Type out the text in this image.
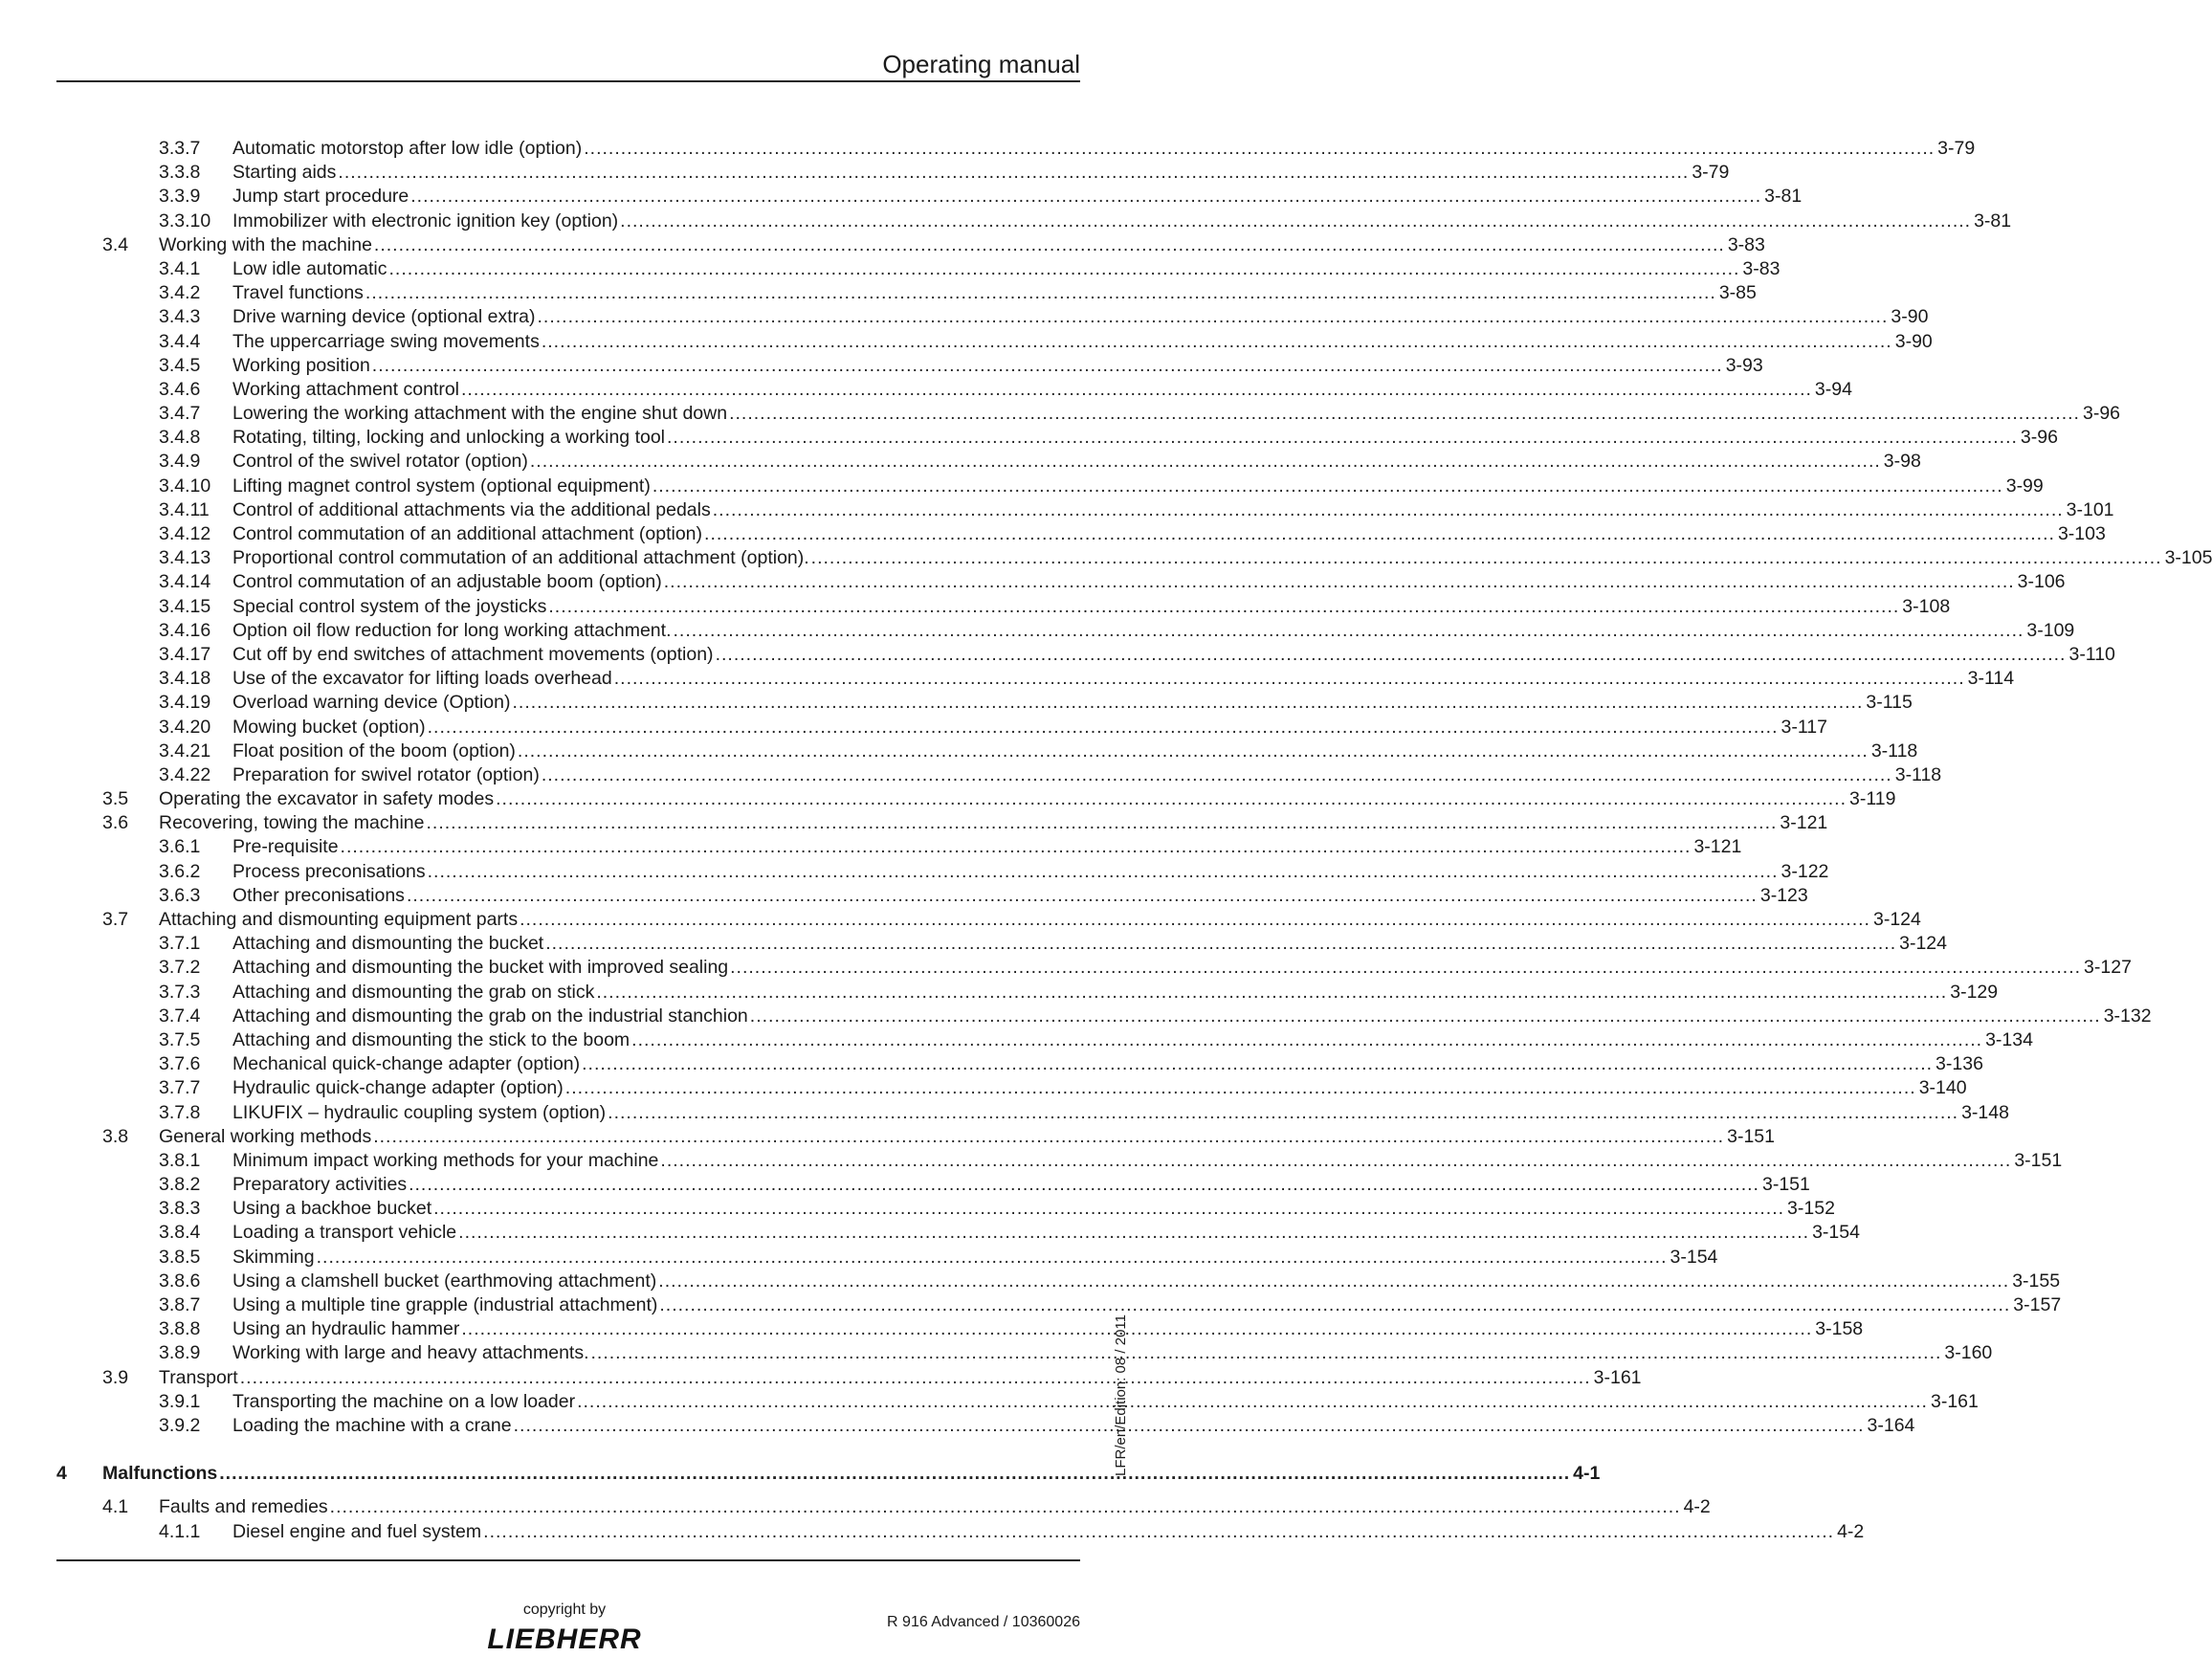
Operating manual
3.3.7 Automatic motorstop after low idle (option) ............................................................................................................................................................................................................................ 3-79
3.3.8 Starting aids ............................................................................................................................................................................................................................ 3-79
3.3.9 Jump start procedure ............................................................................................................................................................................................................................ 3-81
3.3.10 Immobilizer with electronic ignition key (option) ............................................................................................................................................................................................................................ 3-81
3.4 Working with the machine ............................................................................................................................................................................................................................ 3-83
3.4.1 Low idle automatic ............................................................................................................................................................................................................................ 3-83
3.4.2 Travel functions ............................................................................................................................................................................................................................ 3-85
3.4.3 Drive warning device (optional extra) ............................................................................................................................................................................................................................ 3-90
3.4.4 The uppercarriage swing movements ............................................................................................................................................................................................................................ 3-90
3.4.5 Working position ............................................................................................................................................................................................................................ 3-93
3.4.6 Working attachment control ............................................................................................................................................................................................................................ 3-94
3.4.7 Lowering the working attachment with the engine shut down ............................................................................................................................................................................................................................ 3-96
3.4.8 Rotating, tilting, locking and unlocking a working tool ............................................................................................................................................................................................................................ 3-96
3.4.9 Control of the swivel rotator (option) ............................................................................................................................................................................................................................ 3-98
3.4.10 Lifting magnet control system (optional equipment) ............................................................................................................................................................................................................................ 3-99
3.4.11 Control of additional attachments via the additional pedals ............................................................................................................................................................................................................................ 3-101
3.4.12 Control commutation of an additional attachment (option) ............................................................................................................................................................................................................................ 3-103
3.4.13 Proportional control commutation of an additional attachment (option). ............................................................................................................................................................................................................................ 3-105
3.4.14 Control commutation of an adjustable boom (option) ............................................................................................................................................................................................................................ 3-106
3.4.15 Special control system of the joysticks ............................................................................................................................................................................................................................ 3-108
3.4.16 Option oil flow reduction for long working attachment. ............................................................................................................................................................................................................................ 3-109
3.4.17 Cut off by end switches of attachment movements (option) ............................................................................................................................................................................................................................ 3-110
3.4.18 Use of the excavator for lifting loads overhead ............................................................................................................................................................................................................................ 3-114
3.4.19 Overload warning device (Option) ............................................................................................................................................................................................................................ 3-115
3.4.20 Mowing bucket (option) ............................................................................................................................................................................................................................ 3-117
3.4.21 Float position of the boom (option) ............................................................................................................................................................................................................................ 3-118
3.4.22 Preparation for swivel rotator (option) ............................................................................................................................................................................................................................ 3-118
3.5 Operating the excavator in safety modes ............................................................................................................................................................................................................................ 3-119
3.6 Recovering, towing the machine ............................................................................................................................................................................................................................ 3-121
3.6.1 Pre-requisite ............................................................................................................................................................................................................................ 3-121
3.6.2 Process preconisations ............................................................................................................................................................................................................................ 3-122
3.6.3 Other preconisations ............................................................................................................................................................................................................................ 3-123
3.7 Attaching and dismounting equipment parts ............................................................................................................................................................................................................................ 3-124
3.7.1 Attaching and dismounting the bucket ............................................................................................................................................................................................................................ 3-124
3.7.2 Attaching and dismounting the bucket with improved sealing ............................................................................................................................................................................................................................ 3-127
3.7.3 Attaching and dismounting the grab on stick ............................................................................................................................................................................................................................ 3-129
3.7.4 Attaching and dismounting the grab on the industrial stanchion ............................................................................................................................................................................................................................ 3-132
3.7.5 Attaching and dismounting the stick to the boom ............................................................................................................................................................................................................................ 3-134
3.7.6 Mechanical quick-change adapter (option) ............................................................................................................................................................................................................................ 3-136
3.7.7 Hydraulic quick-change adapter (option) ............................................................................................................................................................................................................................ 3-140
3.7.8 LIKUFIX – hydraulic coupling system (option) ............................................................................................................................................................................................................................ 3-148
3.8 General working methods ............................................................................................................................................................................................................................ 3-151
3.8.1 Minimum impact working methods for your machine ............................................................................................................................................................................................................................ 3-151
3.8.2 Preparatory activities ............................................................................................................................................................................................................................ 3-151
3.8.3 Using a backhoe bucket ............................................................................................................................................................................................................................ 3-152
3.8.4 Loading a transport vehicle ............................................................................................................................................................................................................................ 3-154
3.8.5 Skimming ............................................................................................................................................................................................................................ 3-154
3.8.6 Using a clamshell bucket (earthmoving attachment) ............................................................................................................................................................................................................................ 3-155
3.8.7 Using a multiple tine grapple (industrial attachment) ............................................................................................................................................................................................................................ 3-157
3.8.8 Using an hydraulic hammer ............................................................................................................................................................................................................................ 3-158
3.8.9 Working with large and heavy attachments. ............................................................................................................................................................................................................................ 3-160
3.9 Transport ............................................................................................................................................................................................................................ 3-161
3.9.1 Transporting the machine on a low loader ............................................................................................................................................................................................................................ 3-161
3.9.2 Loading the machine with a crane ............................................................................................................................................................................................................................ 3-164
4 Malfunctions ............................................................................................................................................................................................................................ 4-1
4.1 Faults and remedies ............................................................................................................................................................................................................................ 4-2
4.1.1 Diesel engine and fuel system ............................................................................................................................................................................................................................ 4-2
LFR/en/Edition: 08 / 2011
copyright by
LIEBHERR
R 916 Advanced / 10360026
